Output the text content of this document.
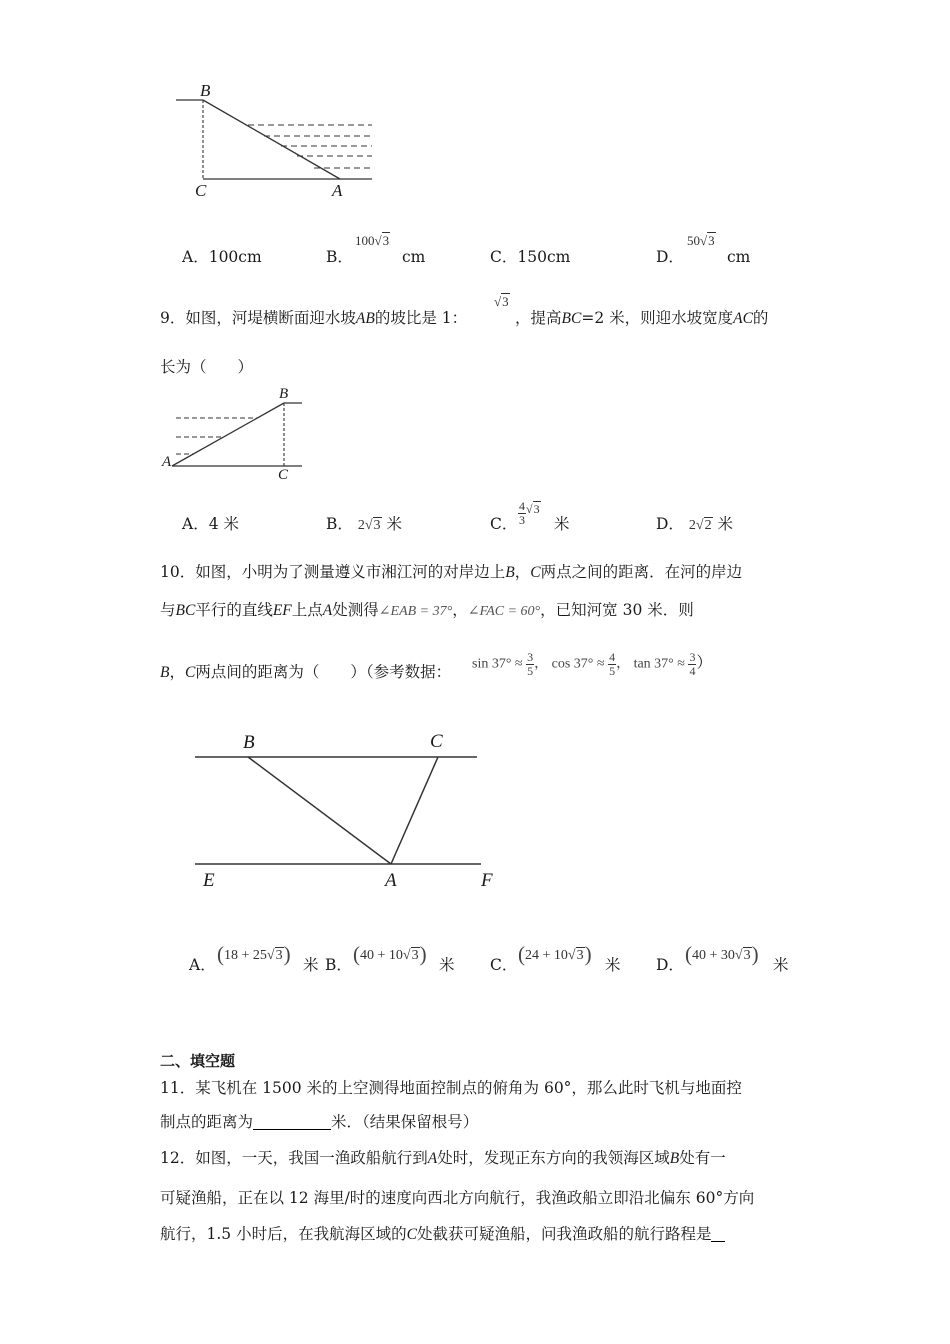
B
C	A
A．100cm	B．
100√3
cm	C．150cm	D．
50√3
cm
9．如图，河堤横断面迎水坡AB的坡比是 1：
√3
，提高BC=2 米，则迎水坡宽度AC的
长为（　　）
B
A
C
A．4 米	B． 2√3 米	C． $\frac{4}{3} ^{√3}$
米	D． 2√2 米
10．如图，小明为了测量遵义市湘江河的对岸边上B，C两点之间的距离．在河的岸边
与BC平行的直线EF上点A处测得∠EAB = 37°，∠FAC = 60°，已知河宽 30 米．则
B，C两点间的距离为（　　）（参考数据： $\sin 37^\circ \approx \frac{3}{5}$ ， $\cos 37^\circ \approx \frac{4}{5}$ ， $\tan 37^\circ \approx \frac{3}{4}$ ）
B	C
E	A	F
A． (18 + 25√3) 米 B． (40 + 10√3) 米 C． (24 + 10√3) 米 D． (40 + 30√3) 米
二、填空题
11．某飞机在 1500 米的上空测得地面控制点的俯角为 60°，那么此时飞机与地面控
制点的距离为	米．（结果保留根号）
12．如图，一天，我国一渔政船航行到A处时，发现正东方向的我领海区域B处有一
可疑渔船，正在以 12 海里/时的速度向西北方向航行，我渔政船立即沿北偏东 60°方向
航行，1.5 小时后，在我航海区域的C处截获可疑渔船，问我渔政船的航行路程是
